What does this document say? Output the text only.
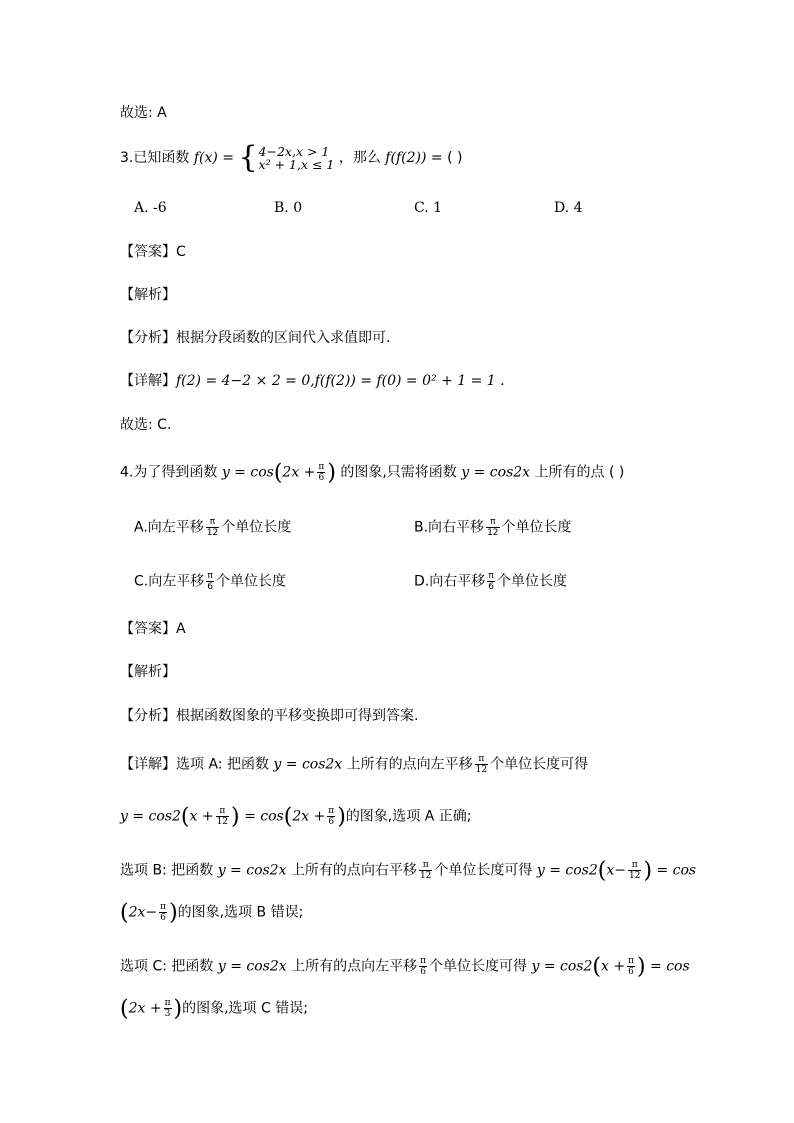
故选: A
3.已知函数 f(x) = { 4−2x,x > 1
x² + 1,x ≤ 1 ，那么 f(f(2)) = ( )
A. -6	B. 0	C. 1	D. 4
【答案】C
【解析】
【分析】根据分段函数的区间代入求值即可.
【详解】f(2) = 4−2 × 2 = 0,f(f(2)) = f(0) = 0² + 1 = 1 .
故选: C.
4.为了得到函数 $y = \cos(2x + \frac{\pi}{6}$ ) 的图象,只需将函数 y = cos2x 上所有的点 ( )
A.向左平移 $\frac{\pi}{12}$ 个单位长度	B.向右平移 $\frac{\pi}{12}$ 个单位长度
C.向左平移 $\frac{\pi}{6}$ 个单位长度	D.向右平移 $\frac{\pi}{6}$ 个单位长度
【答案】A
【解析】
【分析】根据函数图象的平移变换即可得到答案.
【详解】选项 A: 把函数 y = cos2x 上所有的点向左平移 $\frac{\pi}{12}$ 个单位长度可得
$y = \cos 2(x + \frac{\pi}{12}$ ) = $\cos(2x + \frac{\pi}{6}$ )的图象,选项 A 正确;
选项 B: 把函数 y = cos2x 上所有的点向右平移 $\frac{\pi}{12}$ 个单位长度可得 $y = \cos 2(x- \frac{\pi}{12}$ ) = cos
($2x- \frac{\pi}{6}$ )的图象,选项 B 错误;
选项 C: 把函数 y = cos2x 上所有的点向左平移 $\frac{\pi}{6}$ 个单位长度可得 $y = \cos 2(x + \frac{\pi}{6}$ ) = cos
($2x + \frac{\pi}{3}$ )的图象,选项 C 错误;
